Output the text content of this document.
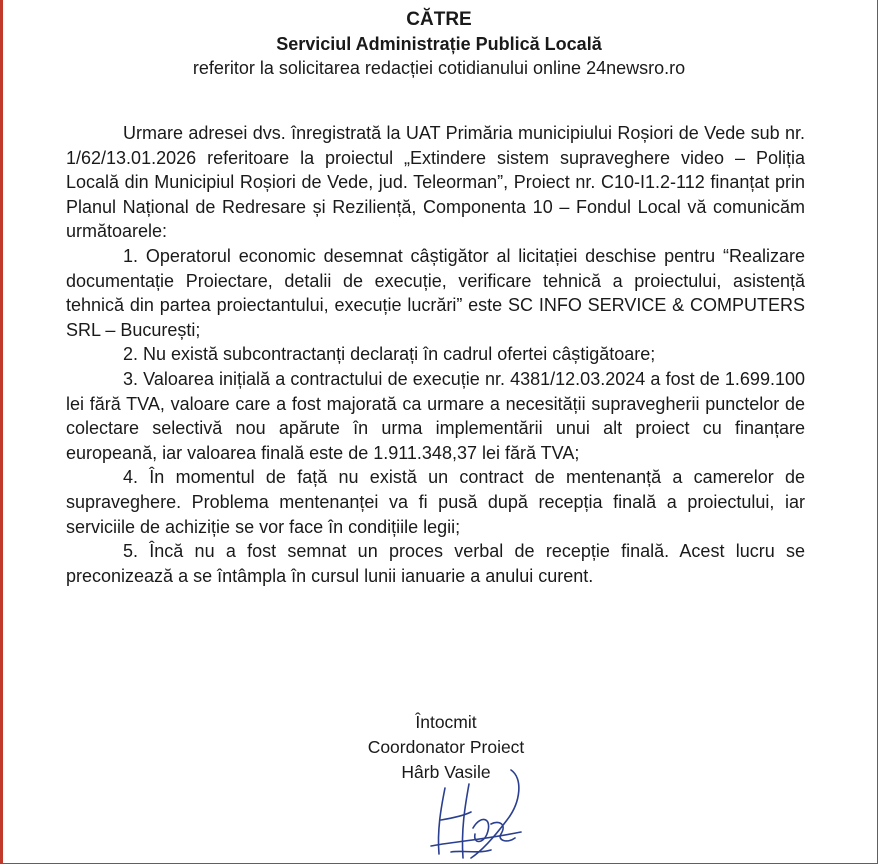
CĂTRE
Serviciul Administrație Publică Locală
referitor la solicitarea redacției cotidianului online 24newsro.ro

Urmare adresei dvs. înregistrată la UAT Primăria municipiului Roșiori de Vede sub nr. 1/62/13.01.2026 referitoare la proiectul „Extindere sistem supraveghere video – Poliția Locală din Municipiul Roșiori de Vede, jud. Teleorman”, Proiect nr. C10-I1.2-112 finanțat prin Planul Național de Redresare și Reziliență, Componenta 10 – Fondul Local vă comunicăm următoarele:

1. Operatorul economic desemnat câștigător al licitației deschise pentru “Realizare documentație Proiectare, detalii de execuție, verificare tehnică a proiectului, asistență tehnică din partea proiectantului, execuție lucrări” este SC INFO SERVICE & COMPUTERS SRL – București;

2. Nu există subcontractanți declarați în cadrul ofertei câștigătoare;

3. Valoarea inițială a contractului de execuție nr. 4381/12.03.2024 a fost de 1.699.100 lei fără TVA, valoare care a fost majorată ca urmare a necesității supravegherii punctelor de colectare selectivă nou apărute în urma implementării unui alt proiect cu finanțare europeană, iar valoarea finală este de 1.911.348,37 lei fără TVA;

4. În momentul de față nu există un contract de mentenanță a camerelor de supraveghere. Problema mentenanței va fi pusă după recepția finală a proiectului, iar serviciile de achiziție se vor face în condițiile legii;

5. Încă nu a fost semnat un proces verbal de recepție finală. Acest lucru se preconizează a se întâmpla în cursul lunii ianuarie a anului curent.

Întocmit
Coordonator Proiect
Hârb Vasile
